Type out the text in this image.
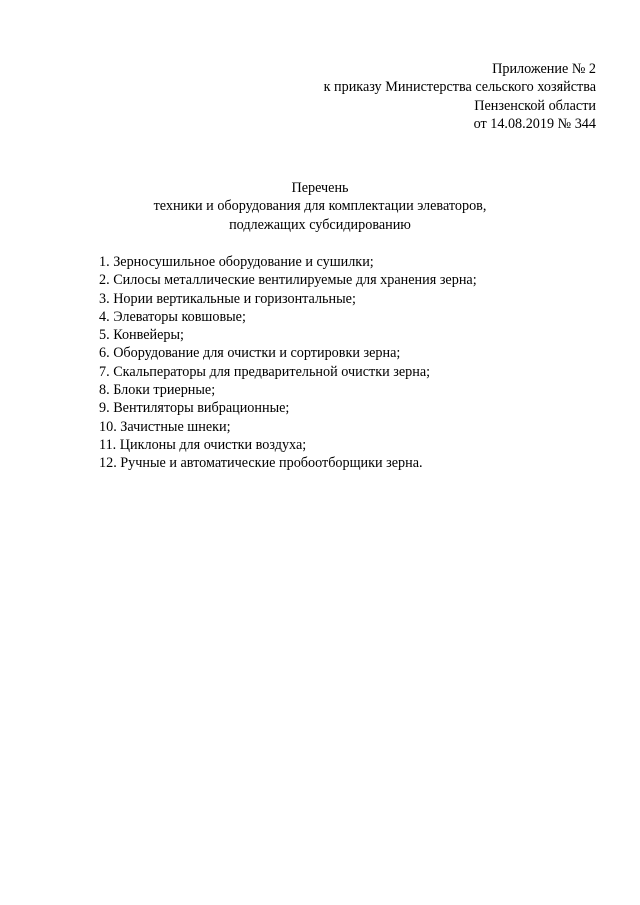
Приложение № 2
к приказу Министерства сельского хозяйства
Пензенской области
от 14.08.2019 № 344
Перечень
техники и оборудования для комплектации элеваторов,
подлежащих субсидированию
1. Зерносушильное оборудование и сушилки;
2. Силосы металлические вентилируемые для хранения зерна;
3. Нории вертикальные и горизонтальные;
4. Элеваторы ковшовые;
5. Конвейеры;
6. Оборудование для очистки и сортировки зерна;
7. Скальператоры для предварительной очистки зерна;
8. Блоки триерные;
9. Вентиляторы вибрационные;
10. Зачистные шнеки;
11. Циклоны для очистки воздуха;
12. Ручные и автоматические пробоотборщики зерна.
